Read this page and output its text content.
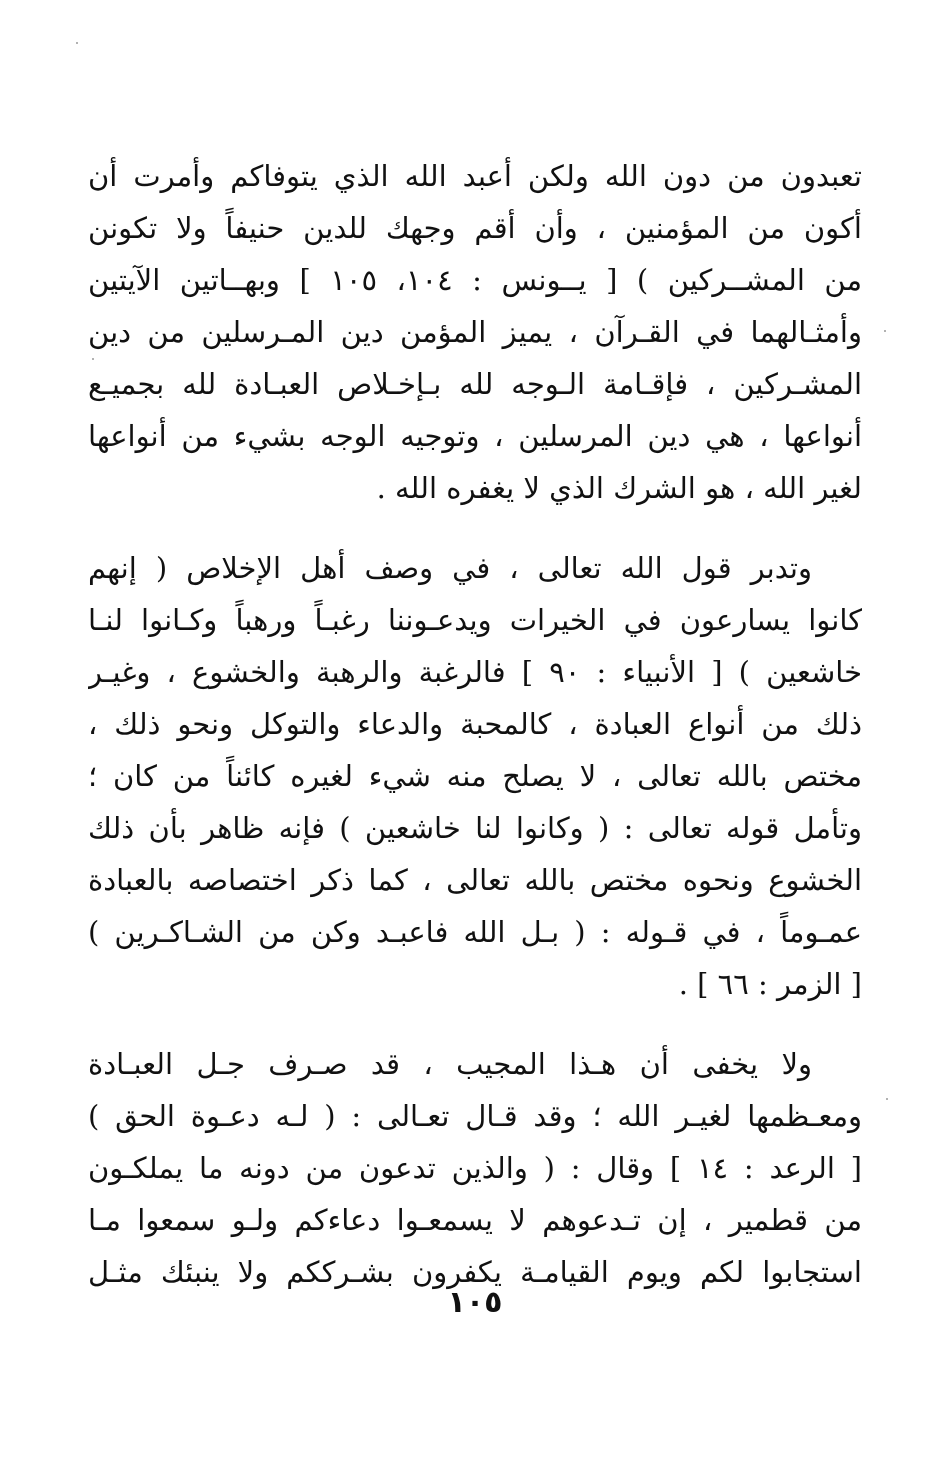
تعبدون من دون الله ولكن أعبد الله الذي يتوفاكم وأمرت أن
أكون من المؤمنين ، وأن أقم وجهك للدين حنيفاً ولا تكونن
من المشــركين ) [ يــونس : ١٠٤، ١٠٥ ] وبهــاتين الآيتين
وأمثـالهما في القـرآن ، يميز المؤمن دين المـرسلين من دين
المشـركين ، فإقـامة الـوجه لله بـإخـلاص العبـادة لله بجميـع
أنواعها ، هي دين المرسلين ، وتوجيه الوجه بشيء من أنواعها
لغير الله ، هو الشرك الذي لا يغفره الله .
وتدبر قول الله تعالى ، في وصف أهل الإخلاص ( إنهم
كانوا يسارعون في الخيرات ويدعـوننا رغبـاً ورهباً وكـانوا لنـا
خاشعين ) [ الأنبياء : ٩٠ ] فالرغبة والرهبة والخشوع ، وغيـر
ذلك من أنواع العبادة ، كالمحبة والدعاء والتوكل ونحو ذلك ،
مختص بالله تعالى ، لا يصلح منه شيء لغيره كائناً من كان ؛
وتأمل قوله تعالى : ( وكانوا لنا خاشعين ) فإنه ظاهر بأن ذلك
الخشوع ونحوه مختص بالله تعالى ، كما ذكر اختصاصه بالعبادة
عمـوماً ، في قـوله : ( بـل الله فاعبـد وكن من الشـاكـرين )
[ الزمر : ٦٦ ] .
ولا يخفى أن هـذا المجيب ، قد صـرف جـل العبـادة
ومعـظمها لغيـر الله ؛ وقد قـال تعـالى : ( لـه دعـوة الحق )
[ الرعد : ١٤ ] وقال : ( والذين تدعون من دونه ما يملكـون
من قطمير ، إن تـدعوهم لا يسمعـوا دعاءكم ولـو سمعوا مـا
استجابوا لكم ويوم القيامـة يكفرون بشـرككم ولا ينبئك مثـل
١٠٥
